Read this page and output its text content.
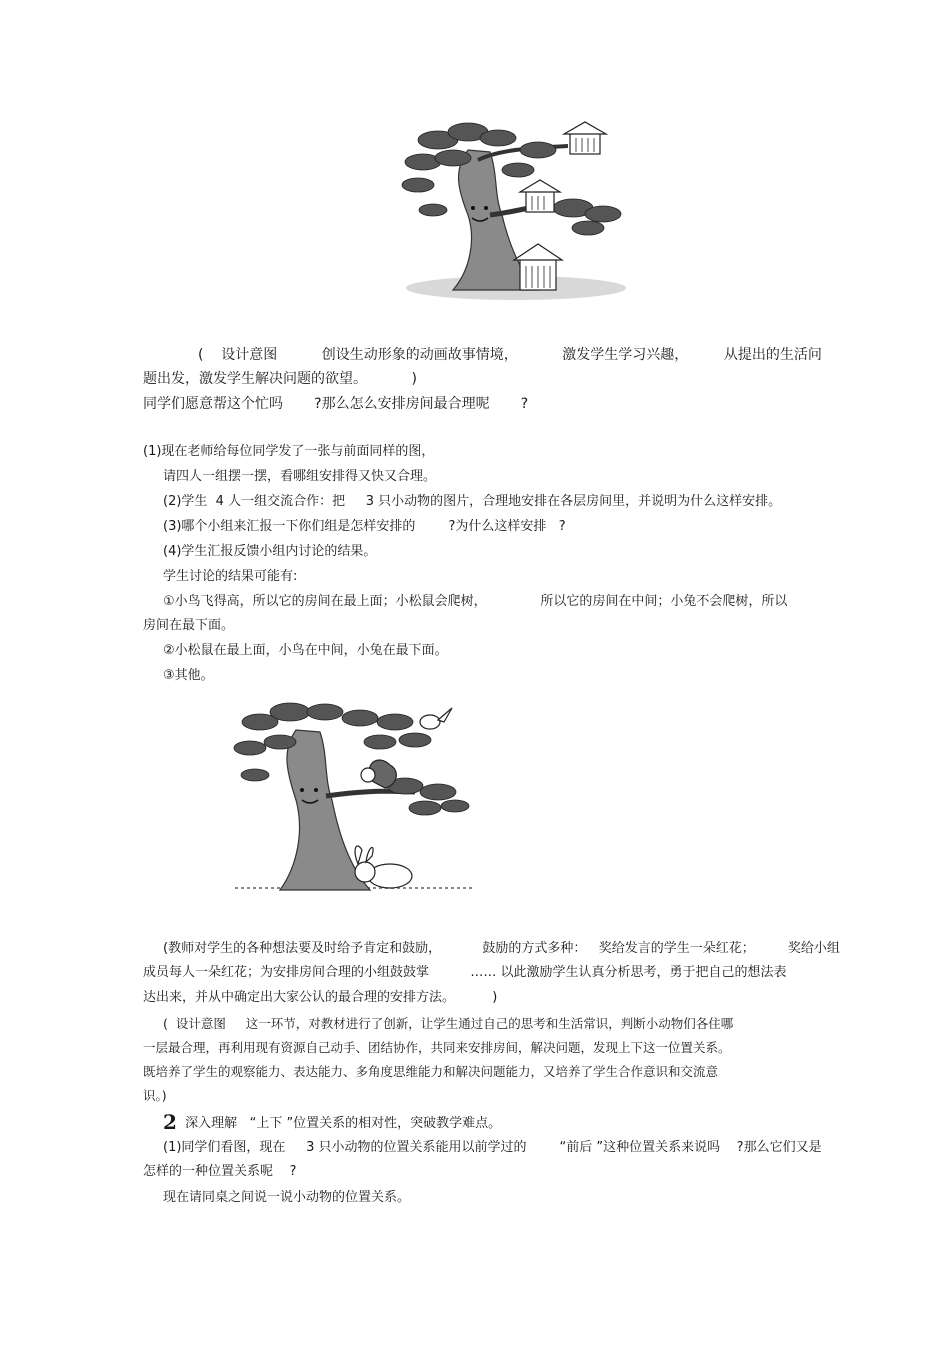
(    设计意图          创设生动形象的动画故事情境，          激发学生学习兴趣，        从提出的生活问
题出发，激发学生解决问题的欲望。          )
同学们愿意帮这个忙吗       ?那么怎么安排房间最合理呢       ?
(1)现在老师给每位同学发了一张与前面同样的图，
请四人一组摆一摆，看哪组安排得又快又合理。
(2)学生  4 人一组交流合作：把     3 只小动物的图片，合理地安排在各层房间里，并说明为什么这样安排。
(3)哪个小组来汇报一下你们组是怎样安排的        ?为什么这样安排   ?
(4)学生汇报反馈小组内讨论的结果。
学生讨论的结果可能有:
①小鸟飞得高，所以它的房间在最上面；小松鼠会爬树，             所以它的房间在中间；小兔不会爬树，所以
房间在最下面。
②小松鼠在最上面，小鸟在中间，小兔在最下面。
③其他。
(教师对学生的各种想法要及时给予肯定和鼓励，          鼓励的方式多种：   奖给发言的学生一朵红花；        奖给小组
成员每人一朵红花；为安排房间合理的小组鼓鼓掌          …… 以此激励学生认真分析思考，勇于把自己的想法表
达出来，并从中确定出大家公认的最合理的安排方法。         )
(  设计意图     这一环节，对教材进行了创新，让学生通过自己的思考和生活常识，判断小动物们各住哪
一层最合理，再利用现有资源自己动手、团结协作，共同来安排房间，解决问题，发现上下这一位置关系。
既培养了学生的观察能力、表达能力、多角度思维能力和解决问题能力，又培养了学生合作意识和交流意
识。)
2  深入理解   “上下 ”位置关系的相对性，突破教学难点。
(1)同学们看图，现在     3 只小动物的位置关系能用以前学过的        “前后 ”这种位置关系来说吗    ?那么它们又是
怎样的一种位置关系呢    ?
现在请同桌之间说一说小动物的位置关系。
